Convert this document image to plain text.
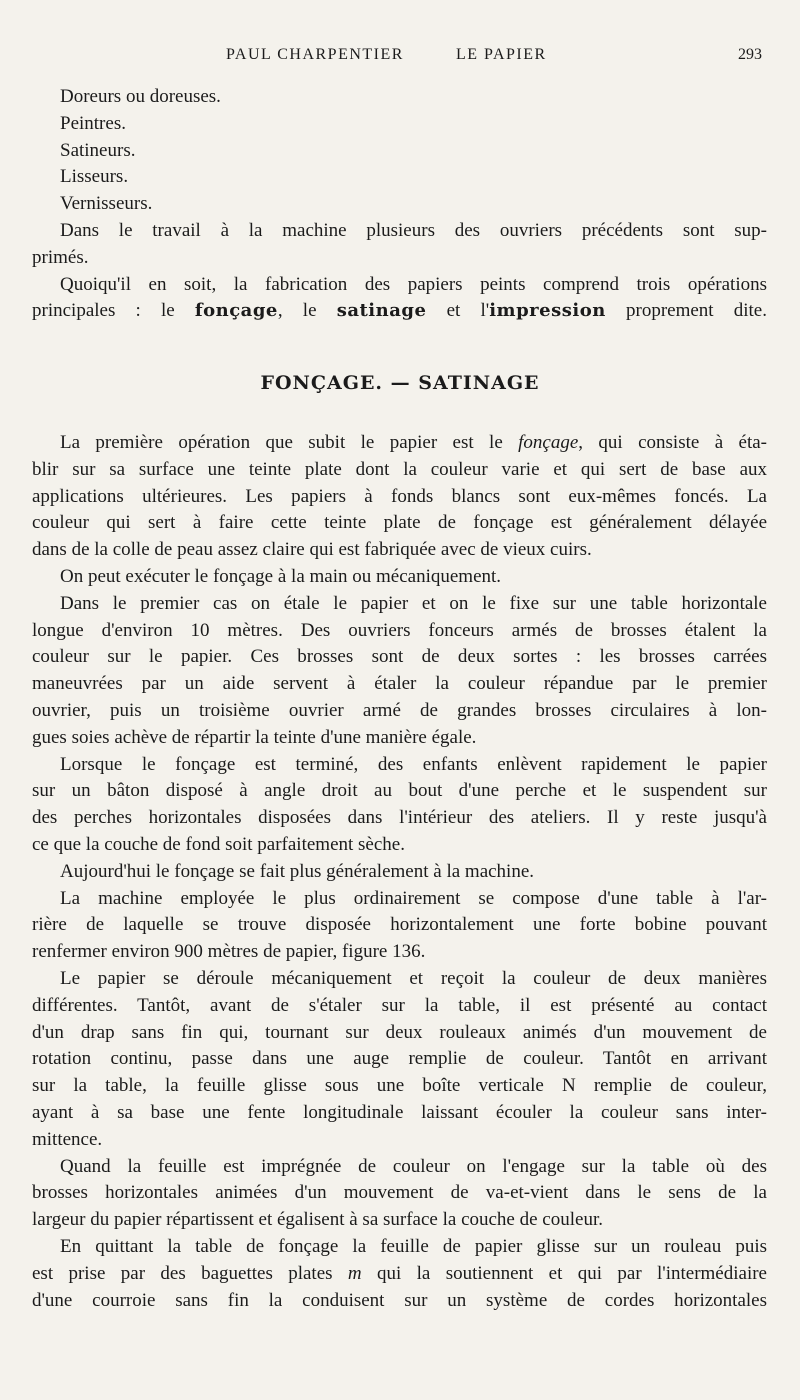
PAUL CHARPENTIER	LE PAPIER	293
Doreurs ou doreuses.
Peintres.
Satineurs.
Lisseurs.
Vernisseurs.
Dans le travail à la machine plusieurs des ouvriers précédents sont sup-
primés.
Quoiqu'il en soit, la fabrication des papiers peints comprend trois opérations
principales : le fonçage, le satinage et l'impression proprement dite.
FONÇAGE. — SATINAGE
La première opération que subit le papier est le fonçage, qui consiste à éta-
blir sur sa surface une teinte plate dont la couleur varie et qui sert de base aux
applications ultérieures. Les papiers à fonds blancs sont eux-mêmes foncés. La
couleur qui sert à faire cette teinte plate de fonçage est généralement délayée
dans de la colle de peau assez claire qui est fabriquée avec de vieux cuirs.
On peut exécuter le fonçage à la main ou mécaniquement.
Dans le premier cas on étale le papier et on le fixe sur une table horizontale
longue d'environ 10 mètres. Des ouvriers fonceurs armés de brosses étalent la
couleur sur le papier. Ces brosses sont de deux sortes : les brosses carrées
maneuvrées par un aide servent à étaler la couleur répandue par le premier
ouvrier, puis un troisième ouvrier armé de grandes brosses circulaires à lon-
gues soies achève de répartir la teinte d'une manière égale.
Lorsque le fonçage est terminé, des enfants enlèvent rapidement le papier
sur un bâton disposé à angle droit au bout d'une perche et le suspendent sur
des perches horizontales disposées dans l'intérieur des ateliers. Il y reste jusqu'à
ce que la couche de fond soit parfaitement sèche.
Aujourd'hui le fonçage se fait plus généralement à la machine.
La machine employée le plus ordinairement se compose d'une table à l'ar-
rière de laquelle se trouve disposée horizontalement une forte bobine pouvant
renfermer environ 900 mètres de papier, figure 136.
Le papier se déroule mécaniquement et reçoit la couleur de deux manières
différentes. Tantôt, avant de s'étaler sur la table, il est présenté au contact
d'un drap sans fin qui, tournant sur deux rouleaux animés d'un mouvement de
rotation continu, passe dans une auge remplie de couleur. Tantôt en arrivant
sur la table, la feuille glisse sous une boîte verticale N remplie de couleur,
ayant à sa base une fente longitudinale laissant écouler la couleur sans inter-
mittence.
Quand la feuille est imprégnée de couleur on l'engage sur la table où des
brosses horizontales animées d'un mouvement de va-et-vient dans le sens de la
largeur du papier répartissent et égalisent à sa surface la couche de couleur.
En quittant la table de fonçage la feuille de papier glisse sur un rouleau puis
est prise par des baguettes plates m qui la soutiennent et qui par l'intermédiaire
d'une courroie sans fin la conduisent sur un système de cordes horizontales
